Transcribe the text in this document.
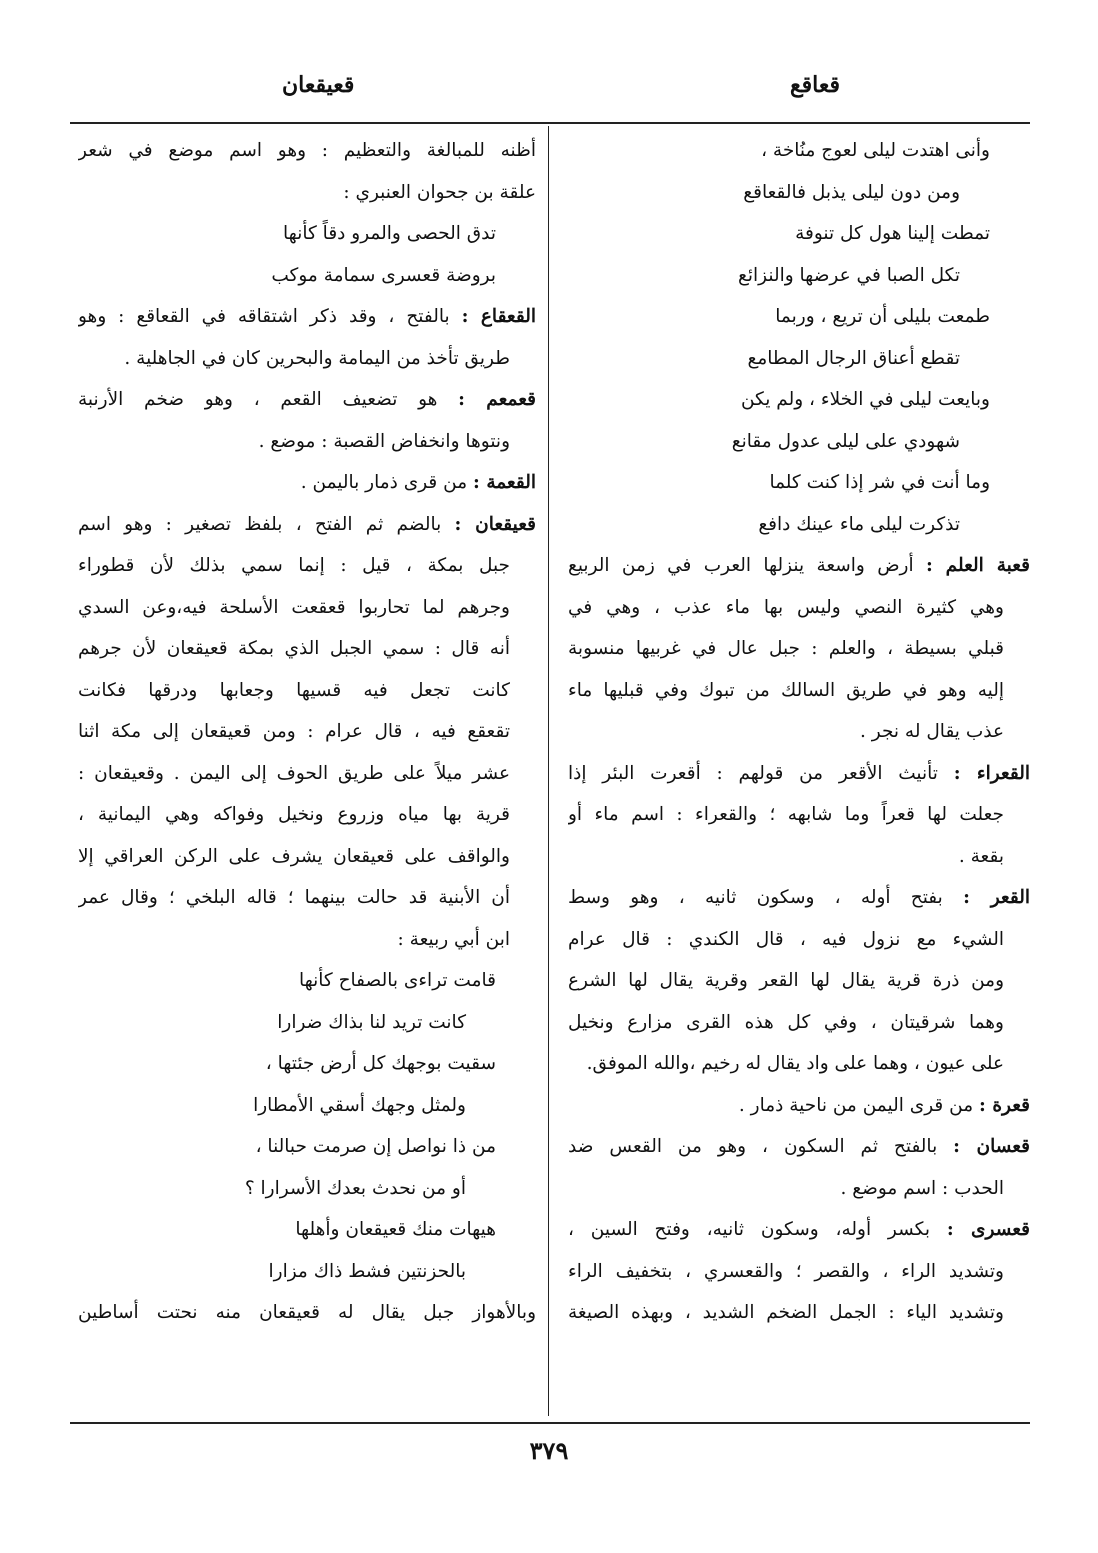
قعاقع
قعيقعان
وأنى اهتدت ليلى لعوج منُاخة ،
ومن دون ليلى يذبل فالقعاقع
تمطت إلينا هول كل تنوفة
تكل الصبا في عرضها والنزائع
طمعت بليلى أن تريع ، وربما
تقطع أعناق الرجال المطامع
وبايعت ليلى في الخلاء ، ولم يكن
شهودي على ليلى عدول مقانع
وما أنت في شر إذا كنت كلما
تذكرت ليلى ماء عينك دافع
قعبة العلم : أرض واسعة ينزلها العرب في زمن الربيع
وهي كثيرة النصي وليس بها ماء عذب ، وهي في
قبلي بسيطة ، والعلم : جبل عال في غربيها منسوبة
إليه وهو في طريق السالك من تبوك وفي قبليها ماء
عذب يقال له نجر .
القعراء : تأنيث الأقعر من قولهم : أقعرت البئر إذا
جعلت لها قعراً وما شابهه ؛ والقعراء : اسم ماء أو
بقعة .
القعر : بفتح أوله ، وسكون ثانيه ، وهو وسط
الشيء مع نزول فيه ، قال الكندي : قال عرام
ومن ذرة قرية يقال لها القعر وقرية يقال لها الشرع
وهما شرقيتان ، وفي كل هذه القرى مزارع ونخيل
على عيون ، وهما على واد يقال له رخيم ،والله الموفق.
قعرة : من قرى اليمن من ناحية ذمار .
قعسان : بالفتح ثم السكون ، وهو من القعس ضد
الحدب : اسم موضع .
قعسرى : بكسر أوله، وسكون ثانيه، وفتح السين ،
وتشديد الراء ، والقصر ؛ والقعسري ، بتخفيف الراء
وتشديد الياء : الجمل الضخم الشديد ، وبهذه الصيغة
أظنه للمبالغة والتعظيم : وهو اسم موضع في شعر
علقة بن جحوان العنبري :
تدق الحصى والمرو دقاً كأنها
بروضة قعسرى سمامة موكب
القعقاع : بالفتح ، وقد ذكر اشتقاقه في القعاقع : وهو
طريق تأخذ من اليمامة والبحرين كان في الجاهلية .
قعمعم : هو تضعيف القعم ، وهو ضخم الأرنبة
ونتوها وانخفاض القصبة : موضع .
القعمة : من قرى ذمار باليمن .
قعيقعان : بالضم ثم الفتح ، بلفظ تصغير : وهو اسم
جبل بمكة ، قيل : إنما سمي بذلك لأن قطوراء
وجرهم لما تحاربوا قعقعت الأسلحة فيه،وعن السدي
أنه قال : سمي الجبل الذي بمكة قعيقعان لأن جرهم
كانت تجعل فيه قسيها وجعابها ودرقها فكانت
تقعقع فيه ، قال عرام : ومن قعيقعان إلى مكة اثنا
عشر ميلاً على طريق الحوف إلى اليمن . وقعيقعان :
قرية بها مياه وزروع ونخيل وفواكه وهي اليمانية ،
والواقف على قعيقعان يشرف على الركن العراقي إلا
أن الأبنية قد حالت بينهما ؛ قاله البلخي ؛ وقال عمر
ابن أبي ربيعة :
قامت تراءى بالصفاح كأنها
كانت تريد لنا بذاك ضرارا
سقيت بوجهك كل أرض جئتها ،
ولمثل وجهك أسقي الأمطارا
من ذا نواصل إن صرمت حبالنا ،
أو من نحدث بعدك الأسرارا ؟
هيهات منك قعيقعان وأهلها
بالحزنتين فشط ذاك مزارا
وبالأهواز جبل يقال له قعيقعان منه نحتت أساطين
٣٧٩
